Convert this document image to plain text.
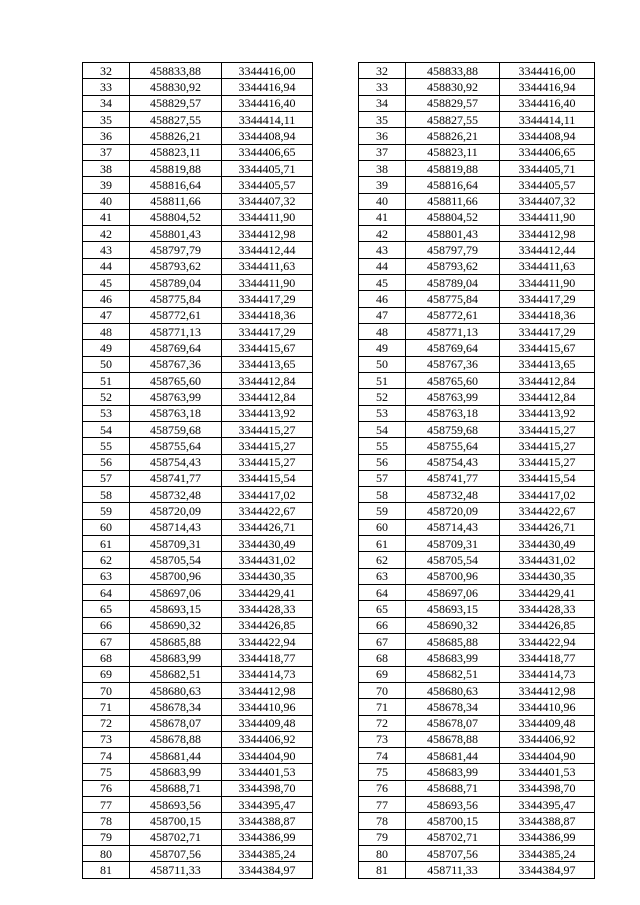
32	458833,88	3344416,00		32	458833,88	3344416,00
33	458830,92	3344416,94		33	458830,92	3344416,94
34	458829,57	3344416,40		34	458829,57	3344416,40
35	458827,55	3344414,11		35	458827,55	3344414,11
36	458826,21	3344408,94		36	458826,21	3344408,94
37	458823,11	3344406,65		37	458823,11	3344406,65
38	458819,88	3344405,71		38	458819,88	3344405,71
39	458816,64	3344405,57		39	458816,64	3344405,57
40	458811,66	3344407,32		40	458811,66	3344407,32
41	458804,52	3344411,90		41	458804,52	3344411,90
42	458801,43	3344412,98		42	458801,43	3344412,98
43	458797,79	3344412,44		43	458797,79	3344412,44
44	458793,62	3344411,63		44	458793,62	3344411,63
45	458789,04	3344411,90		45	458789,04	3344411,90
46	458775,84	3344417,29		46	458775,84	3344417,29
47	458772,61	3344418,36		47	458772,61	3344418,36
48	458771,13	3344417,29		48	458771,13	3344417,29
49	458769,64	3344415,67		49	458769,64	3344415,67
50	458767,36	3344413,65		50	458767,36	3344413,65
51	458765,60	3344412,84		51	458765,60	3344412,84
52	458763,99	3344412,84		52	458763,99	3344412,84
53	458763,18	3344413,92		53	458763,18	3344413,92
54	458759,68	3344415,27		54	458759,68	3344415,27
55	458755,64	3344415,27		55	458755,64	3344415,27
56	458754,43	3344415,27		56	458754,43	3344415,27
57	458741,77	3344415,54		57	458741,77	3344415,54
58	458732,48	3344417,02		58	458732,48	3344417,02
59	458720,09	3344422,67		59	458720,09	3344422,67
60	458714,43	3344426,71		60	458714,43	3344426,71
61	458709,31	3344430,49		61	458709,31	3344430,49
62	458705,54	3344431,02		62	458705,54	3344431,02
63	458700,96	3344430,35		63	458700,96	3344430,35
64	458697,06	3344429,41		64	458697,06	3344429,41
65	458693,15	3344428,33		65	458693,15	3344428,33
66	458690,32	3344426,85		66	458690,32	3344426,85
67	458685,88	3344422,94		67	458685,88	3344422,94
68	458683,99	3344418,77		68	458683,99	3344418,77
69	458682,51	3344414,73		69	458682,51	3344414,73
70	458680,63	3344412,98		70	458680,63	3344412,98
71	458678,34	3344410,96		71	458678,34	3344410,96
72	458678,07	3344409,48		72	458678,07	3344409,48
73	458678,88	3344406,92		73	458678,88	3344406,92
74	458681,44	3344404,90		74	458681,44	3344404,90
75	458683,99	3344401,53		75	458683,99	3344401,53
76	458688,71	3344398,70		76	458688,71	3344398,70
77	458693,56	3344395,47		77	458693,56	3344395,47
78	458700,15	3344388,87		78	458700,15	3344388,87
79	458702,71	3344386,99		79	458702,71	3344386,99
80	458707,56	3344385,24		80	458707,56	3344385,24
81	458711,33	3344384,97		81	458711,33	3344384,97
